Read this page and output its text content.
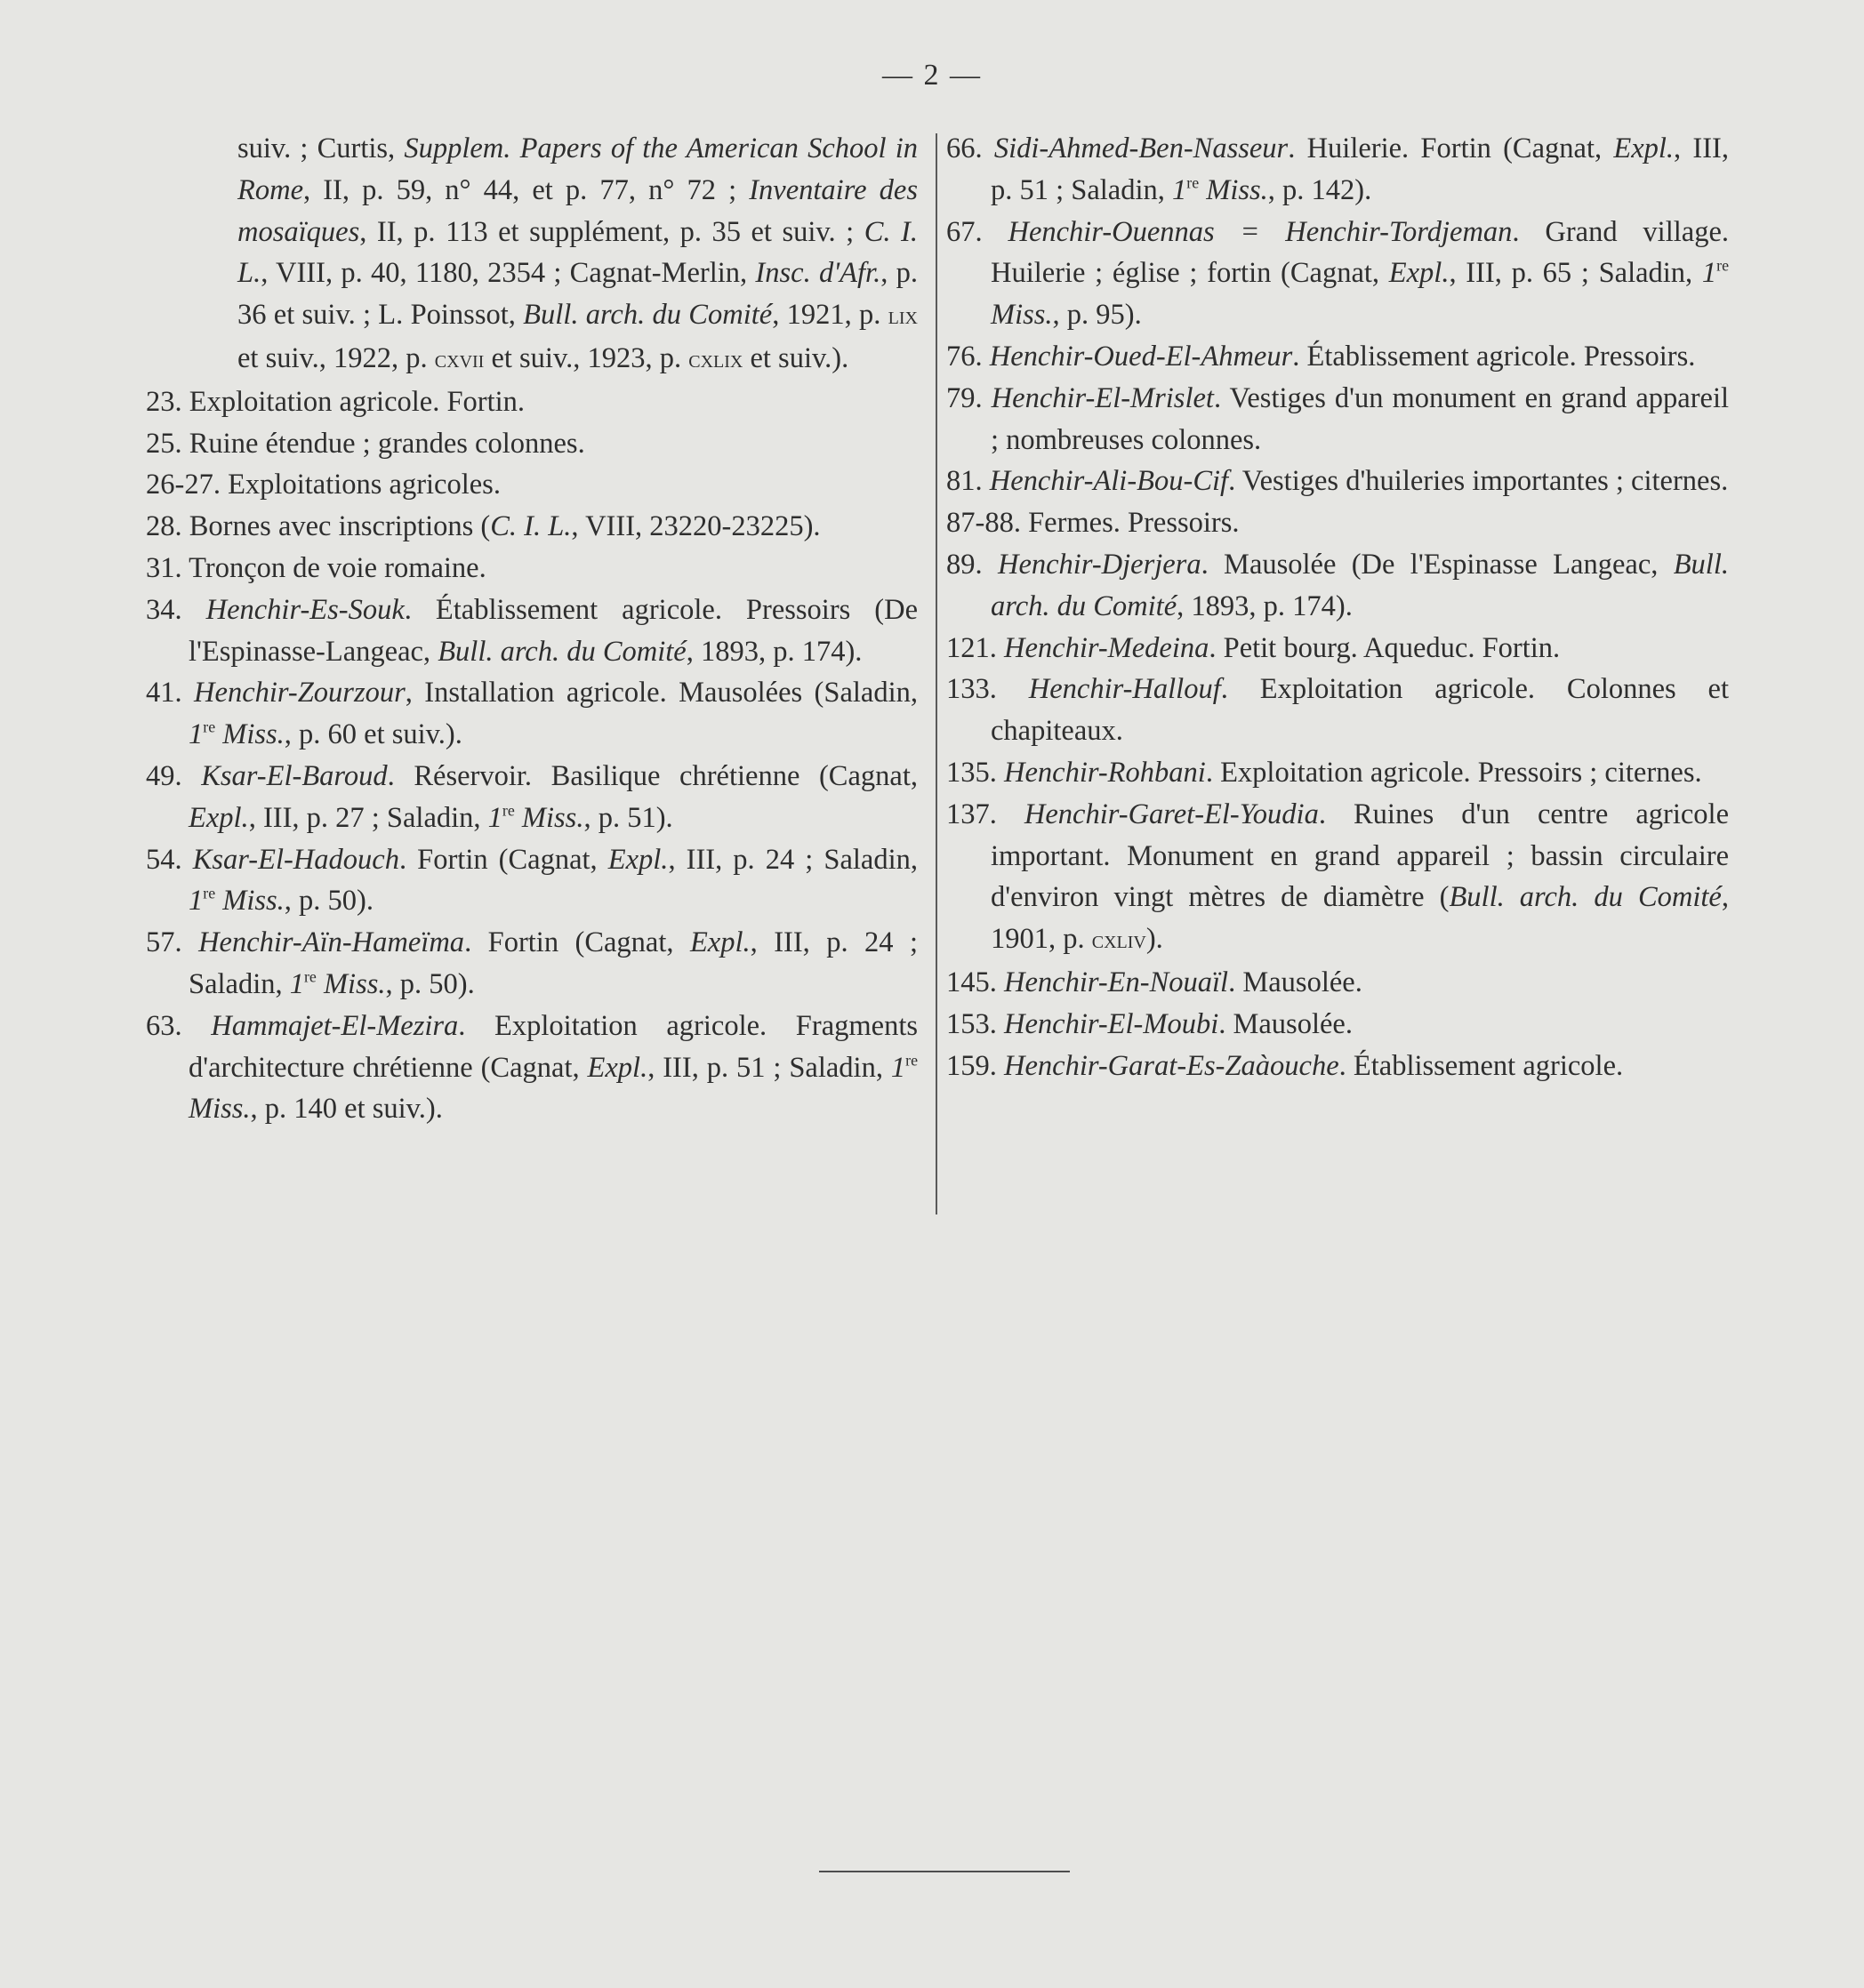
— 2 —
suiv. ; Curtis, Supplem. Papers of the American School in Rome, II, p. 59, n° 44, et p. 77, n° 72 ; Inventaire des mosaïques, II, p. 113 et supplément, p. 35 et suiv. ; C. I. L., VIII, p. 40, 1180, 2354 ; Cagnat-Merlin, Insc. d'Afr., p. 36 et suiv. ; L. Poinssot, Bull. arch. du Comité, 1921, p. lix et suiv., 1922, p. cxvii et suiv., 1923, p. cxlix et suiv.).
23. Exploitation agricole. Fortin.
25. Ruine étendue ; grandes colonnes.
26-27. Exploitations agricoles.
28. Bornes avec inscriptions (C. I. L., VIII, 23220-23225).
31. Tronçon de voie romaine.
34. Henchir-Es-Souk. Établissement agricole. Pressoirs (De l'Espinasse-Langeac, Bull. arch. du Comité, 1893, p. 174).
41. Henchir-Zourzour, Installation agricole. Mausolées (Saladin, 1re Miss., p. 60 et suiv.).
49. Ksar-El-Baroud. Réservoir. Basilique chrétienne (Cagnat, Expl., III, p. 27 ; Saladin, 1re Miss., p. 51).
54. Ksar-El-Hadouch. Fortin (Cagnat, Expl., III, p. 24 ; Saladin, 1re Miss., p. 50).
57. Henchir-Aïn-Hameïma. Fortin (Cagnat, Expl., III, p. 24 ; Saladin, 1re Miss., p. 50).
63. Hammajet-El-Mezira. Exploitation agricole. Fragments d'architecture chrétienne (Cagnat, Expl., III, p. 51 ; Saladin, 1re Miss., p. 140 et suiv.).
66. Sidi-Ahmed-Ben-Nasseur. Huilerie. Fortin (Cagnat, Expl., III, p. 51 ; Saladin, 1re Miss., p. 142).
67. Henchir-Ouennas = Henchir-Tordjeman. Grand village. Huilerie ; église ; fortin (Cagnat, Expl., III, p. 65 ; Saladin, 1re Miss., p. 95).
76. Henchir-Oued-El-Ahmeur. Établissement agricole. Pressoirs.
79. Henchir-El-Mrislet. Vestiges d'un monument en grand appareil ; nombreuses colonnes.
81. Henchir-Ali-Bou-Cif. Vestiges d'huileries importantes ; citernes.
87-88. Fermes. Pressoirs.
89. Henchir-Djerjera. Mausolée (De l'Espinasse Langeac, Bull. arch. du Comité, 1893, p. 174).
121. Henchir-Medeina. Petit bourg. Aqueduc. Fortin.
133. Henchir-Hallouf. Exploitation agricole. Colonnes et chapiteaux.
135. Henchir-Rohbani. Exploitation agricole. Pressoirs ; citernes.
137. Henchir-Garet-El-Youdia. Ruines d'un centre agricole important. Monument en grand appareil ; bassin circulaire d'environ vingt mètres de diamètre (Bull. arch. du Comité, 1901, p. cxliv).
145. Henchir-En-Nouaïl. Mausolée.
153. Henchir-El-Moubi. Mausolée.
159. Henchir-Garat-Es-Zaàouche. Établissement agricole.
